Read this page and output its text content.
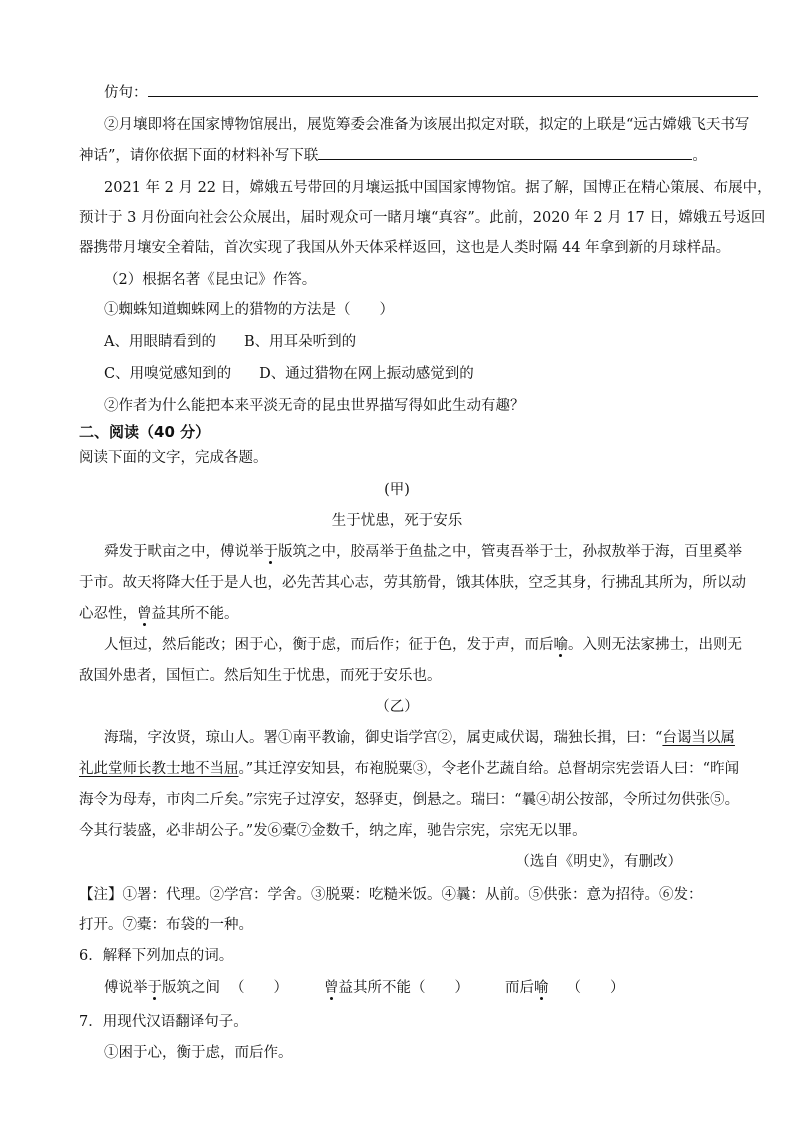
仿句：
②月壤即将在国家博物馆展出，展览筹委会准备为该展出拟定对联，拟定的上联是“远古嫦娥飞天书写
神话”，请你依据下面的材料补写下联	。
2021 年 2 月 22 日，嫦娥五号带回的月壤运抵中国国家博物馆。据了解，国博正在精心策展、布展中，
预计于 3 月份面向社会公众展出，届时观众可一睹月壤“真容”。此前，2020 年 2 月 17 日，嫦娥五号返回
器携带月壤安全着陆，首次实现了我国从外天体采样返回，这也是人类时隔 44 年拿到新的月球样品。
（2）根据名著《昆虫记》作答。
①蜘蛛知道蜘蛛网上的猎物的方法是（　　）
A、用眼睛看到的 B、用耳朵听到的
C、用嗅觉感知到的 D、通过猎物在网上振动感觉到的
②作者为什么能把本来平淡无奇的昆虫世界描写得如此生动有趣？
二、阅读（40 分）
阅读下面的文字，完成各题。
(甲)
生于忧患，死于安乐
舜发于畎亩之中，傅说举于版筑之中，胶鬲举于鱼盐之中，管夷吾举于士，孙叔敖举于海，百里奚举
于市。故天将降大任于是人也，必先苦其心志，劳其筋骨，饿其体肤，空乏其身，行拂乱其所为，所以动
心忍性，曾益其所不能。
人恒过，然后能改；困于心，衡于虑，而后作；征于色，发于声，而后喻。入则无法家拂士，出则无
敌国外患者，国恒亡。然后知生于忧患，而死于安乐也。
（乙）
海瑞，字汝贤，琼山人。署①南平教谕，御史诣学宫②，属吏咸伏谒，瑞独长揖，曰：“台谒当以属
礼此堂师长教士地不当屈。”其迁淳安知县，布袍脱粟③，令老仆艺蔬自给。总督胡宗宪尝语人曰：“昨闻
海令为母寿，市肉二斤矣。”宗宪子过淳安，怒驿吏，倒悬之。瑞曰：“曩④胡公按部，令所过勿供张⑤。
今其行装盛，必非胡公子。”发⑥橐⑦金数千，纳之库，驰告宗宪，宗宪无以罪。
（选自《明史》，有删改）
【注】①署：代理。②学宫：学舍。③脱粟：吃糙米饭。④曩：从前。⑤供张：意为招待。⑥发：
打开。⑦橐：布袋的一种。
6．解释下列加点的词。
傅说举于版筑之间 （　　） 曾益其所不能（　　） 而后喻 （　　）
7．用现代汉语翻译句子。
①困于心，衡于虑，而后作。
